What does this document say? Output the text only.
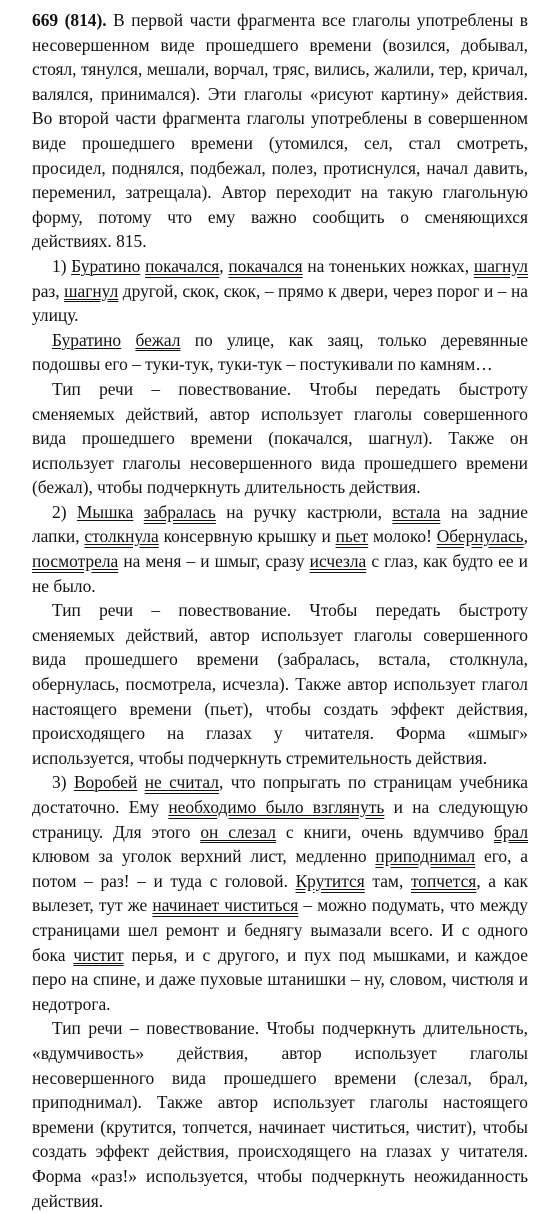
669 (814). В первой части фрагмента все глаголы употреблены в несовершенном виде прошедшего времени (возился, добывал, стоял, тянулся, мешали, ворчал, тряс, вились, жалили, тер, кричал, валялся, принимался). Эти глаголы «рисуют картину» действия. Во второй части фрагмента глаголы употреблены в совершенном виде прошедшего времени (утомился, сел, стал смотреть, просидел, поднялся, подбежал, полез, протиснулся, начал давить, переменил, затрещала). Автор переходит на такую глагольную форму, потому что ему важно сообщить о сменяющихся действиях. 815.

1) Буратино покачался, покачался на тоненьких ножках, шагнул раз, шагнул другой, скок, скок, – прямо к двери, через порог и – на улицу.

Буратино бежал по улице, как заяц, только деревянные подошвы его – туки-тук, туки-тук – постукивали по камням…

Тип речи – повествование. Чтобы передать быстроту сменяемых действий, автор использует глаголы совершенного вида прошедшего времени (покачался, шагнул). Также он использует глаголы несовершенного вида прошедшего времени (бежал), чтобы подчеркнуть длительность действия.

2) Мышка забралась на ручку кастрюли, встала на задние лапки, столкнула консервную крышку и пьет молоко! Обернулась, посмотрела на меня – и шмыг, сразу исчезла с глаз, как будто ее и не было.

Тип речи – повествование. Чтобы передать быстроту сменяемых действий, автор использует глаголы совершенного вида прошедшего времени (забралась, встала, столкнула, обернулась, посмотрела, исчезла). Также автор использует глагол настоящего времени (пьет), чтобы создать эффект действия, происходящего на глазах у читателя. Форма «шмыг» используется, чтобы подчеркнуть стремительность действия.

3) Воробей не считал, что попрыгать по страницам учебника достаточно. Ему необходимо было взглянуть и на следующую страницу. Для этого он слезал с книги, очень вдумчиво брал клювом за уголок верхний лист, медленно приподнимал его, а потом – раз! – и туда с головой. Крутится там, топчется, а как вылезет, тут же начинает чиститься – можно подумать, что между страницами шел ремонт и беднягу вымазали всего. И с одного бока чистит перья, и с другого, и пух под мышками, и каждое перо на спине, и даже пуховые штанишки – ну, словом, чистюля и недотрога.

Тип речи – повествование. Чтобы подчеркнуть длительность, «вдумчивость» действия, автор использует глаголы несовершенного вида прошедшего времени (слезал, брал, приподнимал). Также автор использует глаголы настоящего времени (крутится, топчется, начинает чиститься, чистит), чтобы создать эффект действия, происходящего на глазах у читателя. Форма «раз!» используется, чтобы подчеркнуть неожиданность действия.
